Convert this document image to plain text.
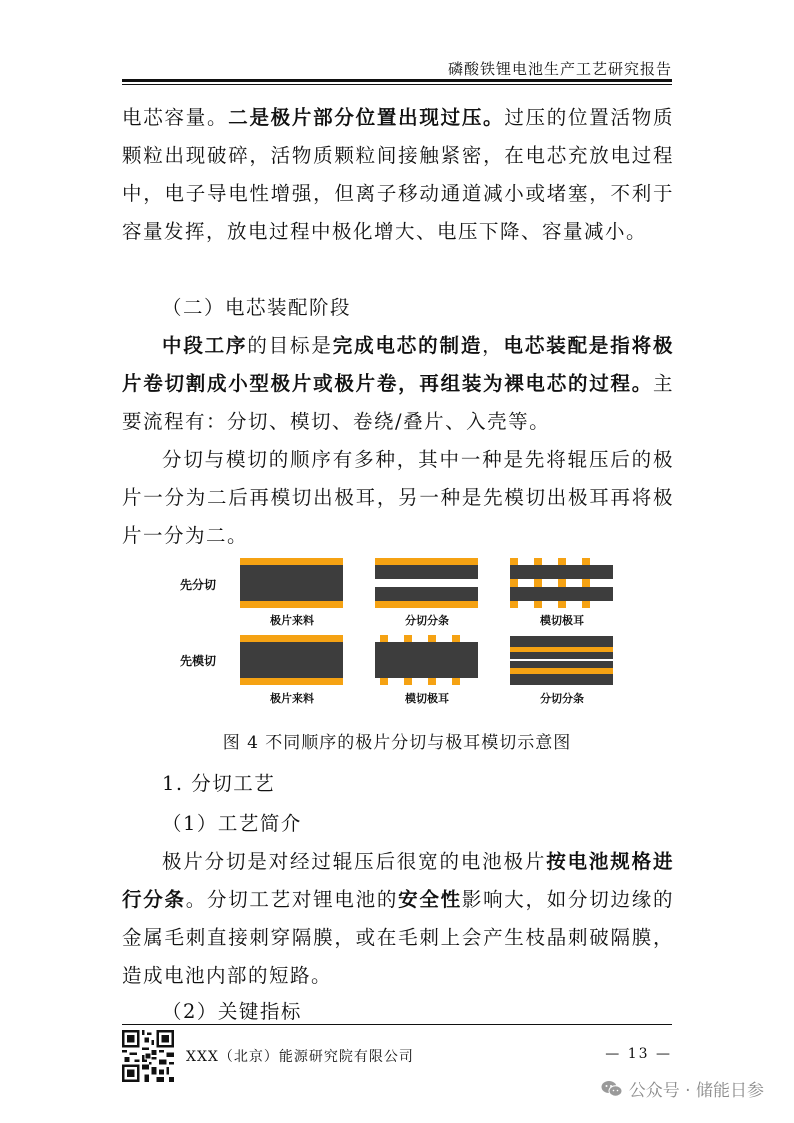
磷酸铁锂电池生产工艺研究报告
电芯容量。二是极片部分位置出现过压。过压的位置活物质颗粒出现破碎，活物质颗粒间接触紧密，在电芯充放电过程中，电子导电性增强，但离子移动通道减小或堵塞，不利于容量发挥，放电过程中极化增大、电压下降、容量减小。
（二）电芯装配阶段
中段工序的目标是完成电芯的制造，电芯装配是指将极片卷切割成小型极片或极片卷，再组装为裸电芯的过程。主要流程有：分切、模切、卷绕/叠片、入壳等。
分切与模切的顺序有多种，其中一种是先将辊压后的极片一分为二后再模切出极耳，另一种是先模切出极耳再将极片一分为二。
先分切
先模切
极片来料	分切分条	模切极耳
极片来料	模切极耳	分切分条
图 4 不同顺序的极片分切与极耳模切示意图
1. 分切工艺
（1）工艺简介
极片分切是对经过辊压后很宽的电池极片按电池规格进行分条。分切工艺对锂电池的安全性影响大，如分切边缘的金属毛刺直接刺穿隔膜，或在毛刺上会产生枝晶刺破隔膜，造成电池内部的短路。
（2）关键指标
XXX（北京）能源研究院有限公司	— 13 —
公众号 · 储能日参
